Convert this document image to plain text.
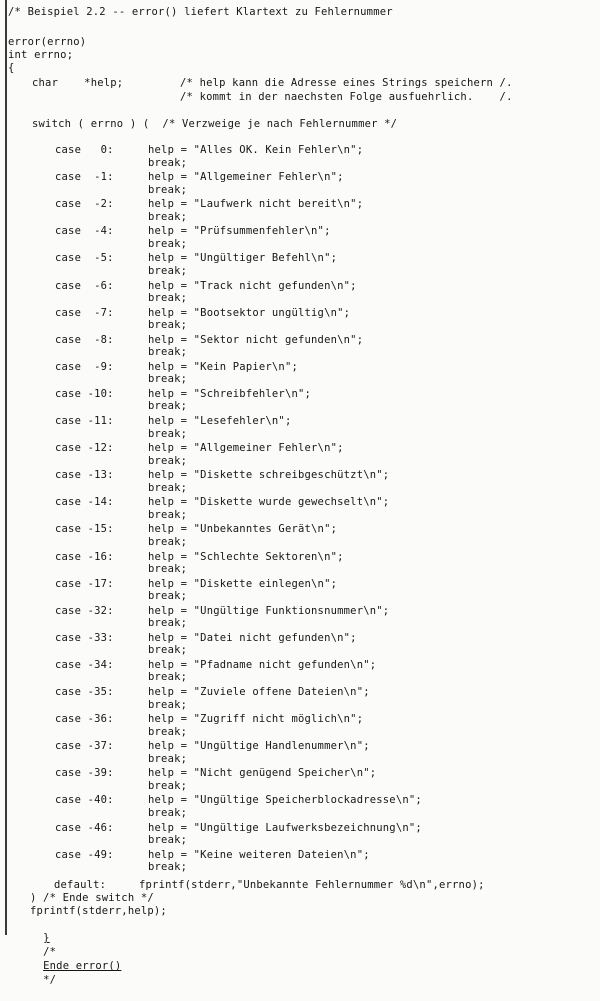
/* Beispiel 2.2 -- error() liefert Klartext zu Fehlernummer
error(errno)
int errno;
{
char    *help;	/* help kann die Adresse eines Strings speichern /.
/* kommt in der naechsten Folge ausfuehrlich.    /.
switch ( errno ) (  /* Verzweige je nach Fehlernummer */
case   0:	help = "Alles OK. Kein Fehler\n";
break;
case  -1:	help = "Allgemeiner Fehler\n";
break;
case  -2:	help = "Laufwerk nicht bereit\n";
break;
case  -4:	help = "Prüfsummenfehler\n";
break;
case  -5:	help = "Ungültiger Befehl\n";
break;
case  -6:	help = "Track nicht gefunden\n";
break;
case  -7:	help = "Bootsektor ungültig\n";
break;
case  -8:	help = "Sektor nicht gefunden\n";
break;
case  -9:	help = "Kein Papier\n";
break;
case -10:	help = "Schreibfehler\n";
break;
case -11:	help = "Lesefehler\n";
break;
case -12:	help = "Allgemeiner Fehler\n";
break;
case -13:	help = "Diskette schreibgeschützt\n";
break;
case -14:	help = "Diskette wurde gewechselt\n";
break;
case -15:	help = "Unbekanntes Gerät\n";
break;
case -16:	help = "Schlechte Sektoren\n";
break;
case -17:	help = "Diskette einlegen\n";
break;
case -32:	help = "Ungültige Funktionsnummer\n";
break;
case -33:	help = "Datei nicht gefunden\n";
break;
case -34:	help = "Pfadname nicht gefunden\n";
break;
case -35:	help = "Zuviele offene Dateien\n";
break;
case -36:	help = "Zugriff nicht möglich\n";
break;
case -37:	help = "Ungültige Handlenummer\n";
break;
case -39:	help = "Nicht genügend Speicher\n";
break;
case -40:	help = "Ungültige Speicherblockadresse\n";
break;
case -46:	help = "Ungültige Laufwerksbezeichnung\n";
break;
case -49:	help = "Keine weiteren Dateien\n";
break;
default:	fprintf(stderr,"Unbekannte Fehlernummer %d\n",errno);
) /* Ende switch */
fprintf(stderr,help);

}
/*
Ende error()
*/
